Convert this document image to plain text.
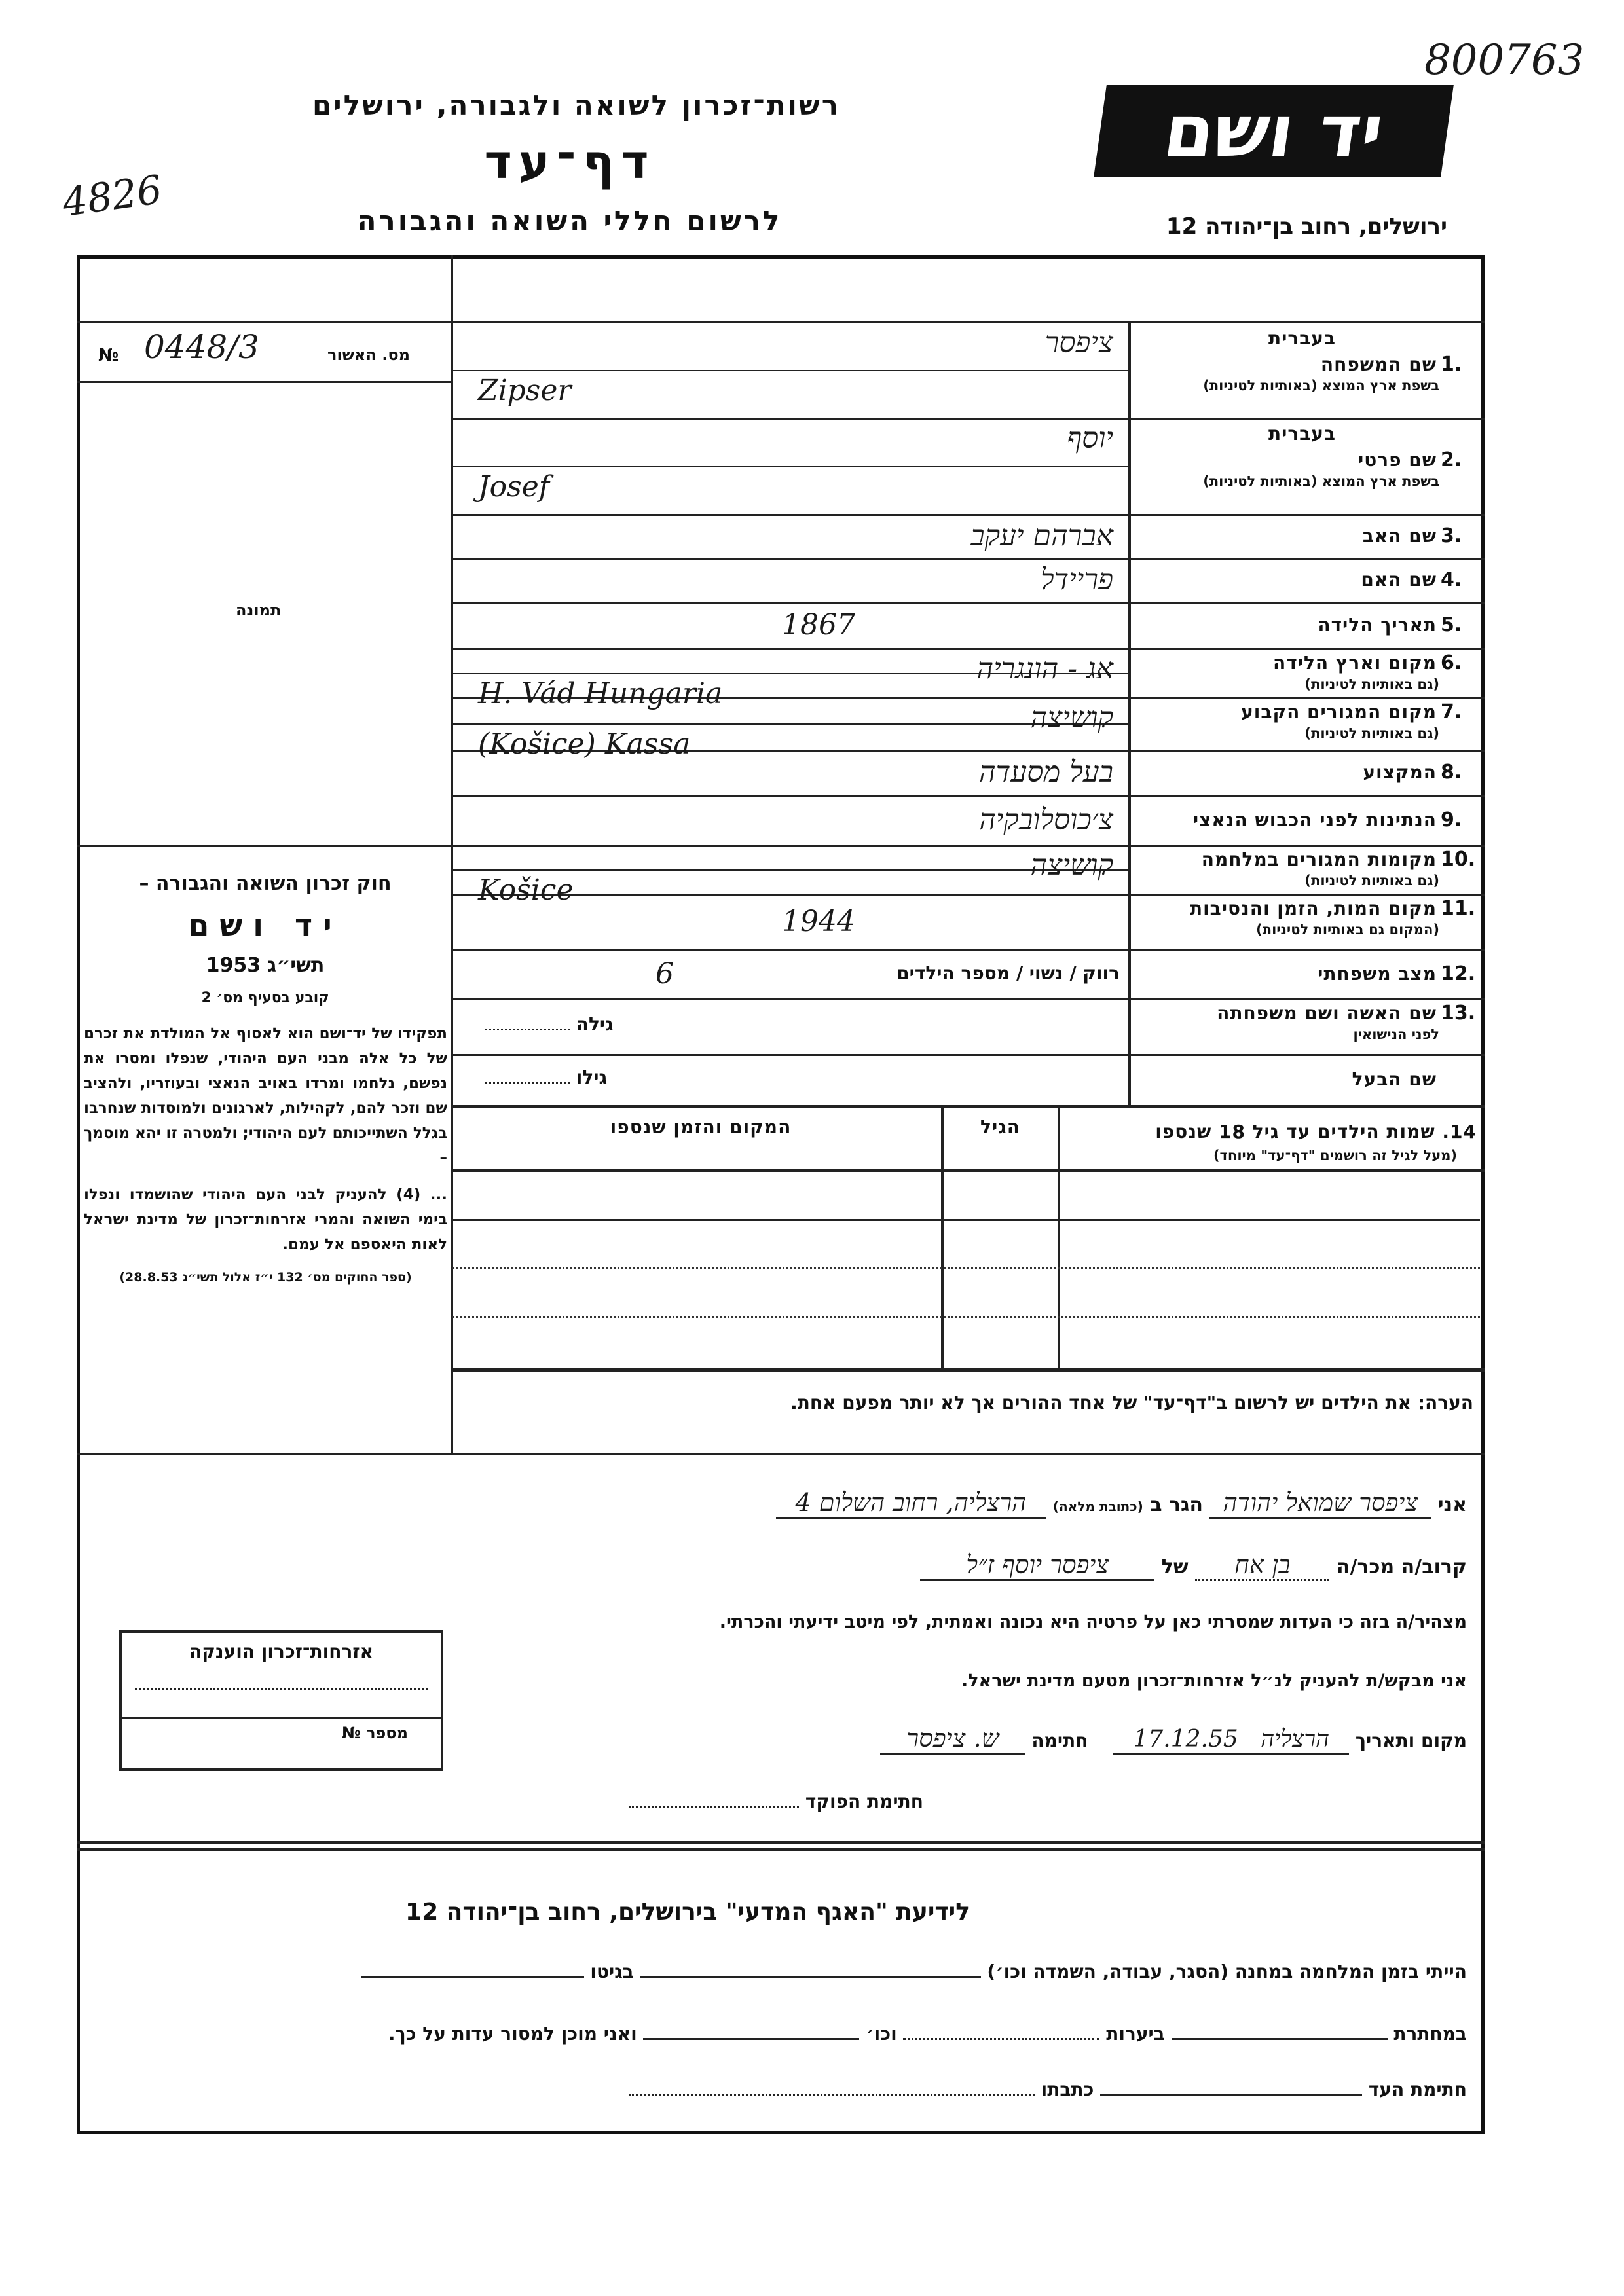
800763
4826
רשות־זכרון לשואה ולגבורה, ירושלים
דף־עד
לרשום חללי השואה והגבורה
יד ושם
ירושלים, רחוב בן־יהודה 12
מס. האשור
№ 0448/3
תמונה
חוק זכרון השואה והגבורה –
יד ושם
תשי״ג 1953
קובע בסעיף מס׳ 2

תפקידו של יד־ושם הוא לאסוף אל המולדת את זכרם של כל אלה מבני העם היהודי, שנפלו ומסרו את נפשם, נלחמו ומרדו באויב הנאצי ובעוזריו, ולהציב שם וזכר להם, לקהילות, לארגונים ולמוסדות שנחרבו בגלל השתייכותם לעם היהודי; ולמטרה זו יהא מוסמך –

... (4) להעניק לבני העם היהודי שהושמדו ונפלו בימי השואה והמרי אזרחות־זכרון של מדינת ישראל לאות היאספם אל עמם.

(ספר החוקים מס׳ 132 י״ז אלול תשי״ג 28.8.53)

בעברית
1.
שם המשפחה
בשפת ארץ המוצא (באותיות לטיניות)
ציפסר
Zipser
בעברית
2.
שם פרטי
בשפת ארץ המוצא (באותיות לטיניות)
יוסף
Josef
3.
שם האב
אברהם יעקב
4.
שם האם
פריידל
5.
תאריך הלידה
1867
6.
מקום וארץ הלידה
(גם באותיות לטיניות)
אג - הונגריה
H. Vád Hungaria
7.
מקום המגורים הקבוע
(גם באותיות לטיניות)
קושיצה
(Košice) Kassa
8.
המקצוע
בעל מסעדה
9.
הנתינות לפני הכבוש הנאצי
צ׳כוסלובקיה
10.
מקומות המגורים במלחמה
(גם באותיות לטיניות)
קושיצה
Košice
11.
מקום המות, הזמן והנסיבות
(המקום גם באותיות לטיניות)
1944
12.
מצב משפחתי
רווק / נשוי / מספר הילדים
6
13.
שם האשה ושם משפחתה
לפני הנישואין
גילה
שם הבעל
גילו
14. שמות הילדים עד גיל 18 שנספו
(מעל לגיל זה רושמים "דף־עד" מיוחד)
הגיל
המקום והזמן שנספו
הערה: את הילדים יש לרשום ב"דף־עד" של אחד ההורים אך לא יותר מפעם אחת.
אני ציפסר שמואל יהודה הגר ב (כתובת מלאה) הרצליה, רחוב השלום 4
קרוב/ה מכר/ה בן אח של ציפסר יוסף ז״ל
מצהיר/ה בזה כי העדות שמסרתי כאן על פרטיה היא נכונה ואמתית, לפי מיטב ידיעתי והכרתי.
אני מבקש/ת להעניק לנ״ל אזרחות־זכרון מטעם מדינת ישראל.
מקום ותאריך הרצליה   17.12.55    חתימה ש. ציפסר
חתימת הפוקד
אזרחות־זכרון הוענקה
מספר №
לידיעת "האגף המדעי" בירושלים, רחוב בן־יהודה 12
הייתי בזמן המלחמה במחנה (הסגר, עבודה, השמדה וכו׳)  בגיטו
במחתרת  ביערות  וכו׳  ואני מוכן למסור עדות על כך.
חתימת העד  כתבתו
